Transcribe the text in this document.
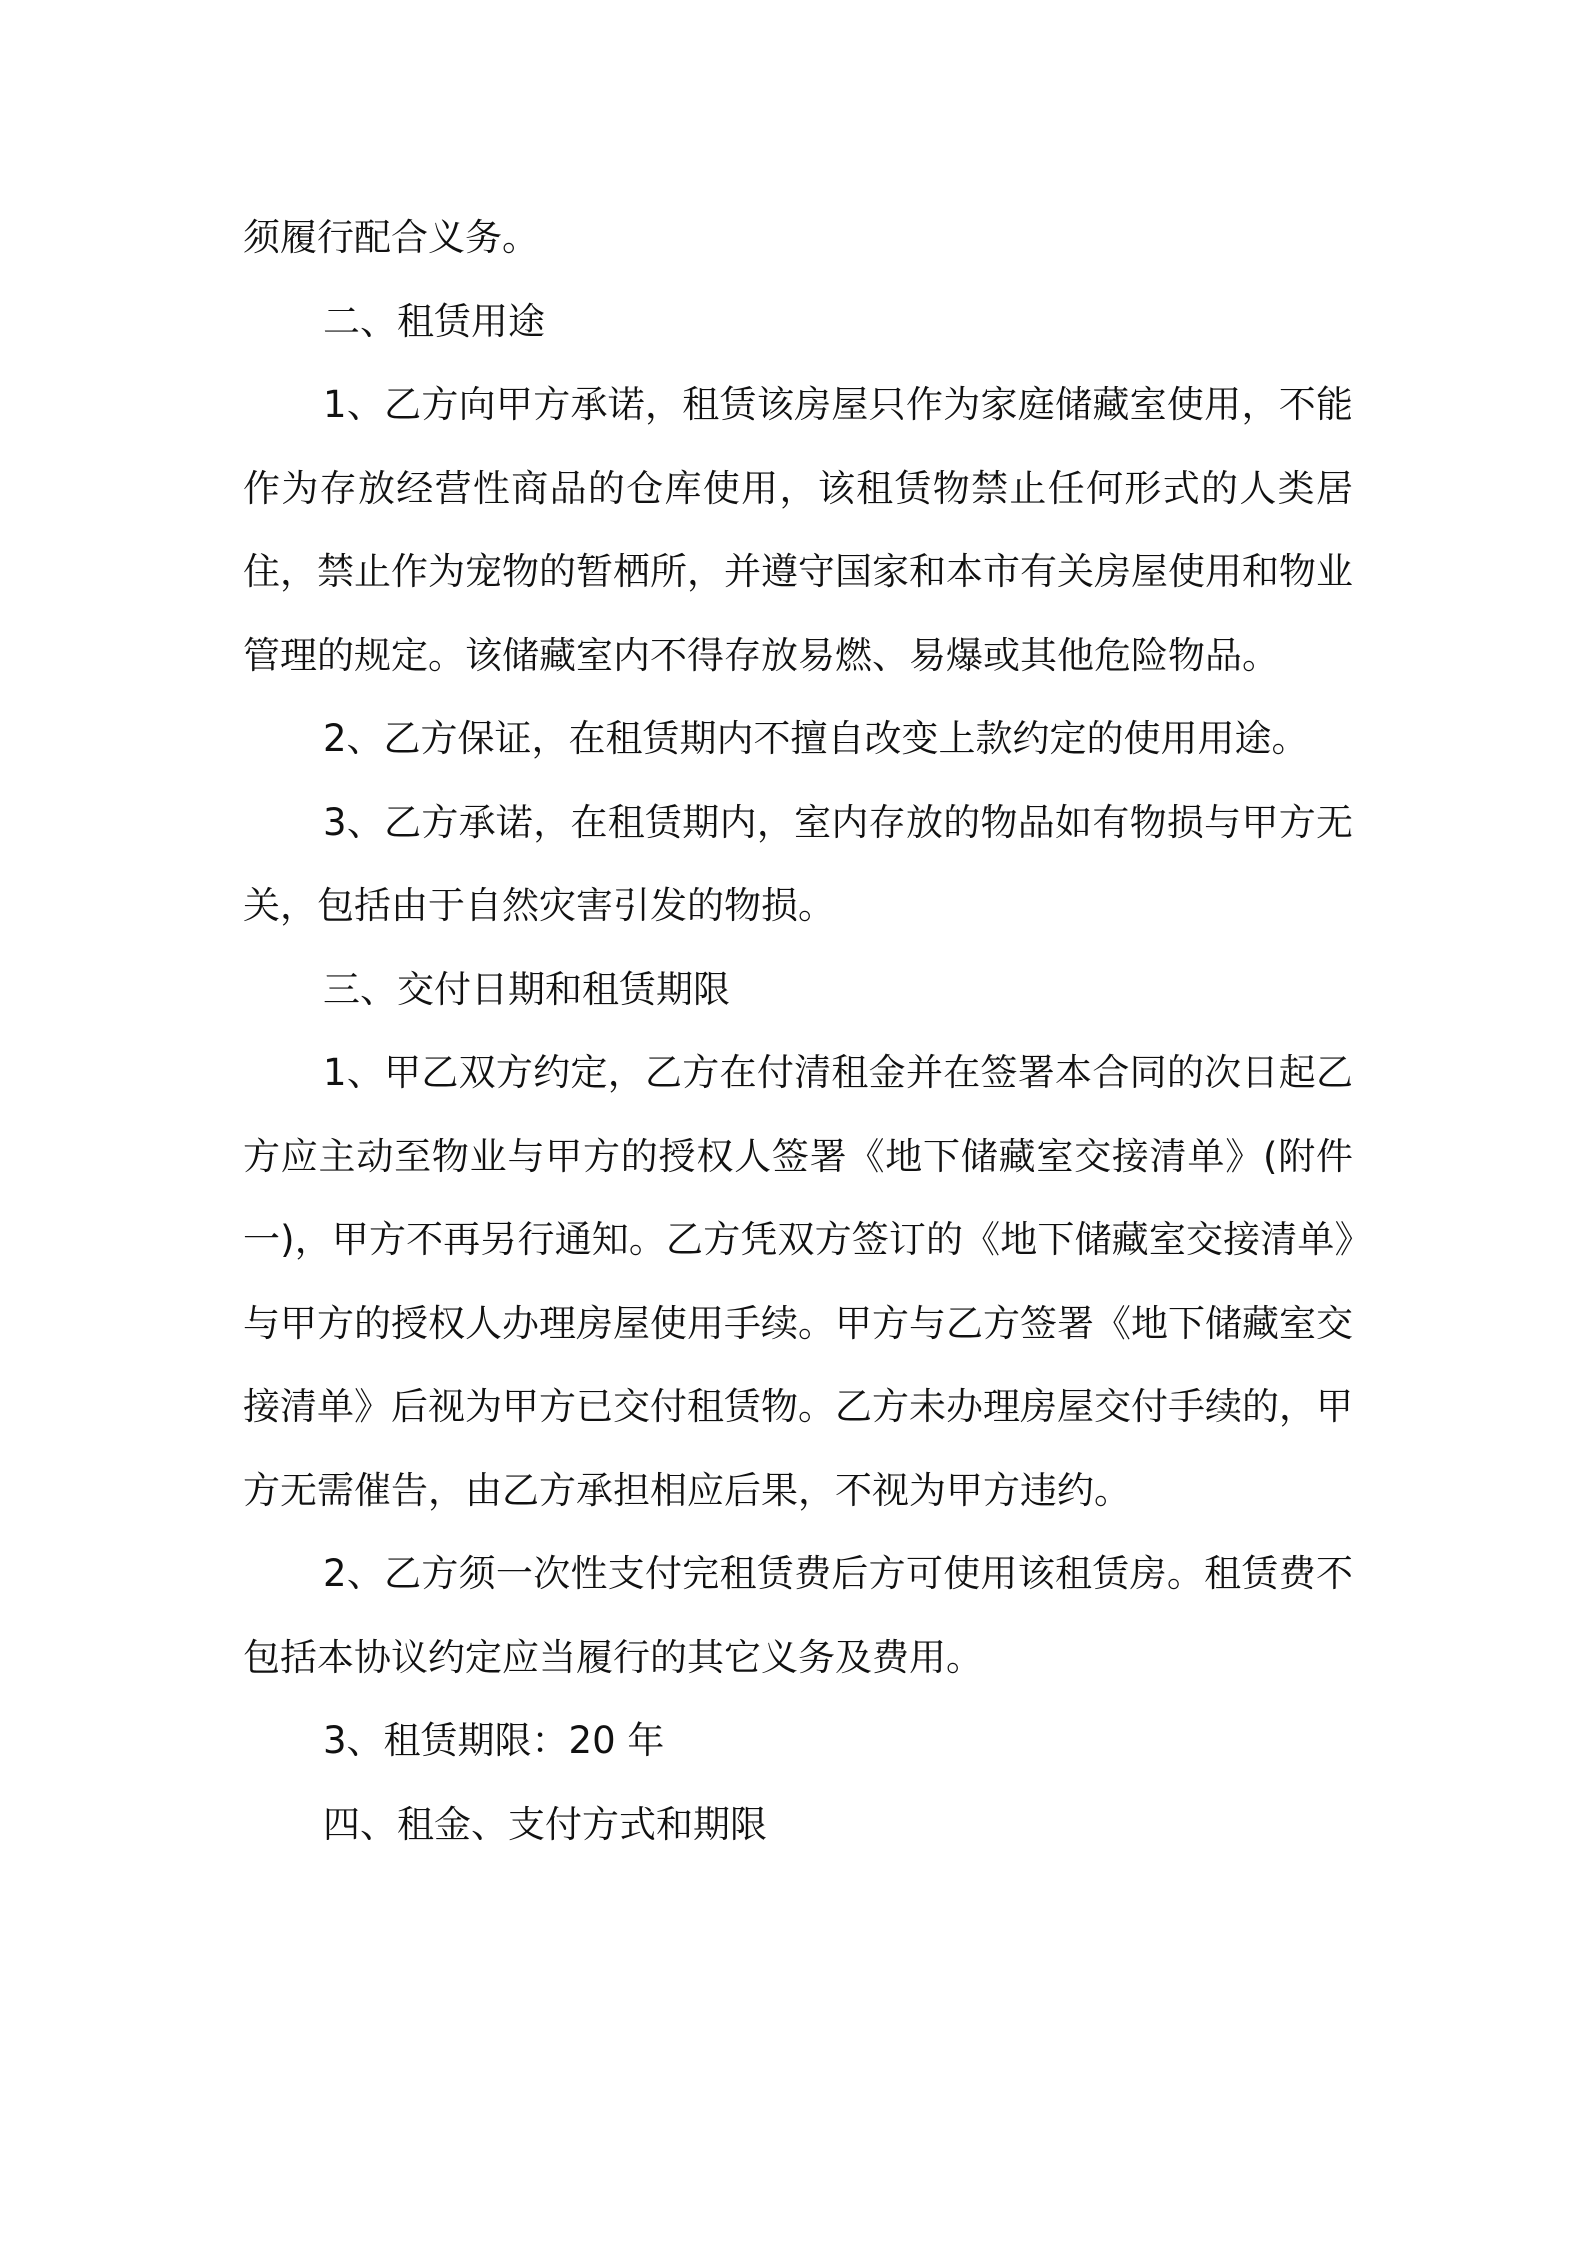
须履行配合义务。

二、租赁用途

1、乙方向甲方承诺，租赁该房屋只作为家庭储藏室使用，不能作为存放经营性商品的仓库使用，该租赁物禁止任何形式的人类居住，禁止作为宠物的暂栖所，并遵守国家和本市有关房屋使用和物业管理的规定。该储藏室内不得存放易燃、易爆或其他危险物品。

2、乙方保证，在租赁期内不擅自改变上款约定的使用用途。

3、乙方承诺，在租赁期内，室内存放的物品如有物损与甲方无关，包括由于自然灾害引发的物损。

三、交付日期和租赁期限

1、甲乙双方约定，乙方在付清租金并在签署本合同的次日起乙方应主动至物业与甲方的授权人签署《地下储藏室交接清单》(附件一)，甲方不再另行通知。乙方凭双方签订的《地下储藏室交接清单》与甲方的授权人办理房屋使用手续。甲方与乙方签署《地下储藏室交接清单》后视为甲方已交付租赁物。乙方未办理房屋交付手续的，甲方无需催告，由乙方承担相应后果，不视为甲方违约。

2、乙方须一次性支付完租赁费后方可使用该租赁房。租赁费不包括本协议约定应当履行的其它义务及费用。

3、租赁期限：20 年

四、租金、支付方式和期限
